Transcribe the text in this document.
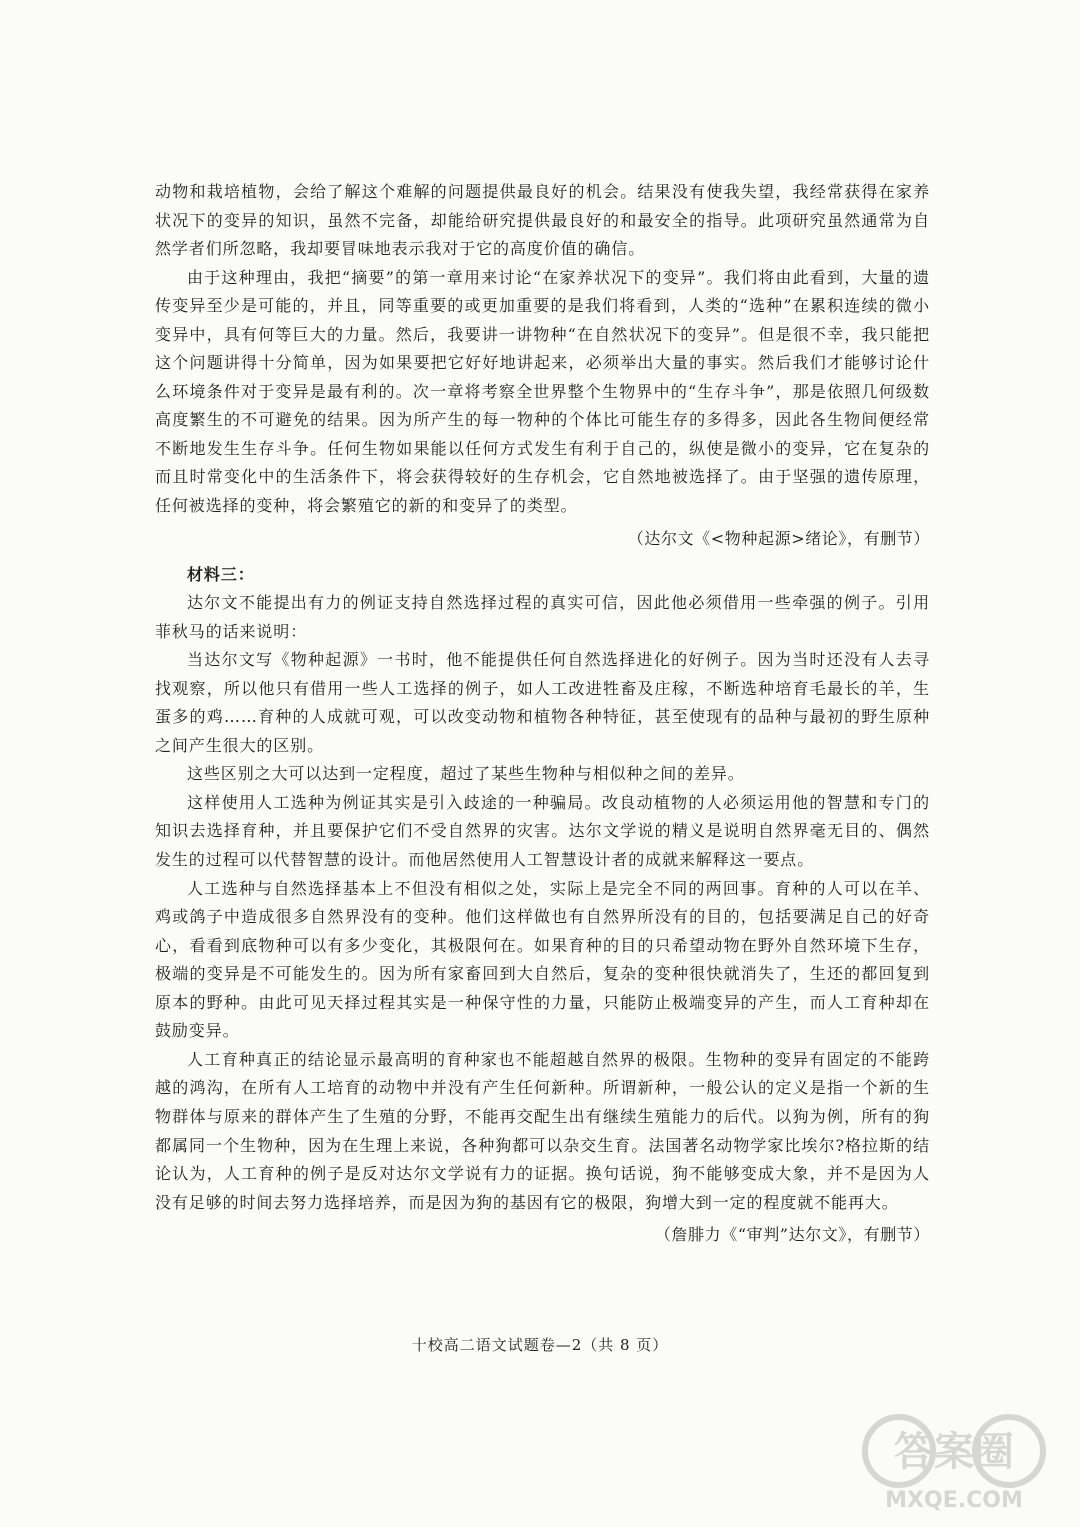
动物和栽培植物，会给了解这个难解的问题提供最良好的机会。结果没有使我失望，我经常获得在家养状况下的变异的知识，虽然不完备，却能给研究提供最良好的和最安全的指导。此项研究虽然通常为自然学者们所忽略，我却要冒味地表示我对于它的高度价值的确信。

由于这种理由，我把“摘要”的第一章用来讨论“在家养状况下的变异”。我们将由此看到，大量的遗传变异至少是可能的，并且，同等重要的或更加重要的是我们将看到，人类的“选种”在累积连续的微小变异中，具有何等巨大的力量。然后，我要讲一讲物种“在自然状况下的变异”。但是很不幸，我只能把这个问题讲得十分简单，因为如果要把它好好地讲起来，必须举出大量的事实。然后我们才能够讨论什么环境条件对于变异是最有利的。次一章将考察全世界整个生物界中的“生存斗争”，那是依照几何级数高度繁生的不可避免的结果。因为所产生的每一物种的个体比可能生存的多得多，因此各生物间便经常不断地发生生存斗争。任何生物如果能以任何方式发生有利于自己的，纵使是微小的变异，它在复杂的而且时常变化中的生活条件下，将会获得较好的生存机会，它自然地被选择了。由于坚强的遗传原理，任何被选择的变种，将会繁殖它的新的和变异了的类型。

（达尔文《<物种起源>绪论》，有删节）

材料三：

达尔文不能提出有力的例证支持自然选择过程的真实可信，因此他必须借用一些牵强的例子。引用菲秋马的话来说明：

当达尔文写《物种起源》一书时，他不能提供任何自然选择进化的好例子。因为当时还没有人去寻找观察，所以他只有借用一些人工选择的例子，如人工改进牲畜及庄稼，不断选种培育毛最长的羊，生蛋多的鸡……育种的人成就可观，可以改变动物和植物各种特征，甚至使现有的品种与最初的野生原种之间产生很大的区别。

这些区别之大可以达到一定程度，超过了某些生物种与相似种之间的差异。

这样使用人工选种为例证其实是引入歧途的一种骗局。改良动植物的人必须运用他的智慧和专门的知识去选择育种，并且要保护它们不受自然界的灾害。达尔文学说的精义是说明自然界毫无目的、偶然发生的过程可以代替智慧的设计。而他居然使用人工智慧设计者的成就来解释这一要点。

人工选种与自然选择基本上不但没有相似之处，实际上是完全不同的两回事。育种的人可以在羊、鸡或鸽子中造成很多自然界没有的变种。他们这样做也有自然界所没有的目的，包括要满足自己的好奇心，看看到底物种可以有多少变化，其极限何在。如果育种的目的只希望动物在野外自然环境下生存，极端的变异是不可能发生的。因为所有家畜回到大自然后，复杂的变种很快就消失了，生还的都回复到原本的野种。由此可见天择过程其实是一种保守性的力量，只能防止极端变异的产生，而人工育种却在鼓励变异。

人工育种真正的结论显示最高明的育种家也不能超越自然界的极限。生物种的变异有固定的不能跨越的鸿沟，在所有人工培育的动物中并没有产生任何新种。所谓新种，一般公认的定义是指一个新的生物群体与原来的群体产生了生殖的分野，不能再交配生出有继续生殖能力的后代。以狗为例，所有的狗都属同一个生物种，因为在生理上来说，各种狗都可以杂交生育。法国著名动物学家比埃尔?格拉斯的结论认为，人工育种的例子是反对达尔文学说有力的证据。换句话说，狗不能够变成大象，并不是因为人没有足够的时间去努力选择培养，而是因为狗的基因有它的极限，狗增大到一定的程度就不能再大。

（詹腓力《“审判”达尔文》，有删节）

十校高二语文试题卷—2（共 8 页）
答案圈
MXQE.COM
